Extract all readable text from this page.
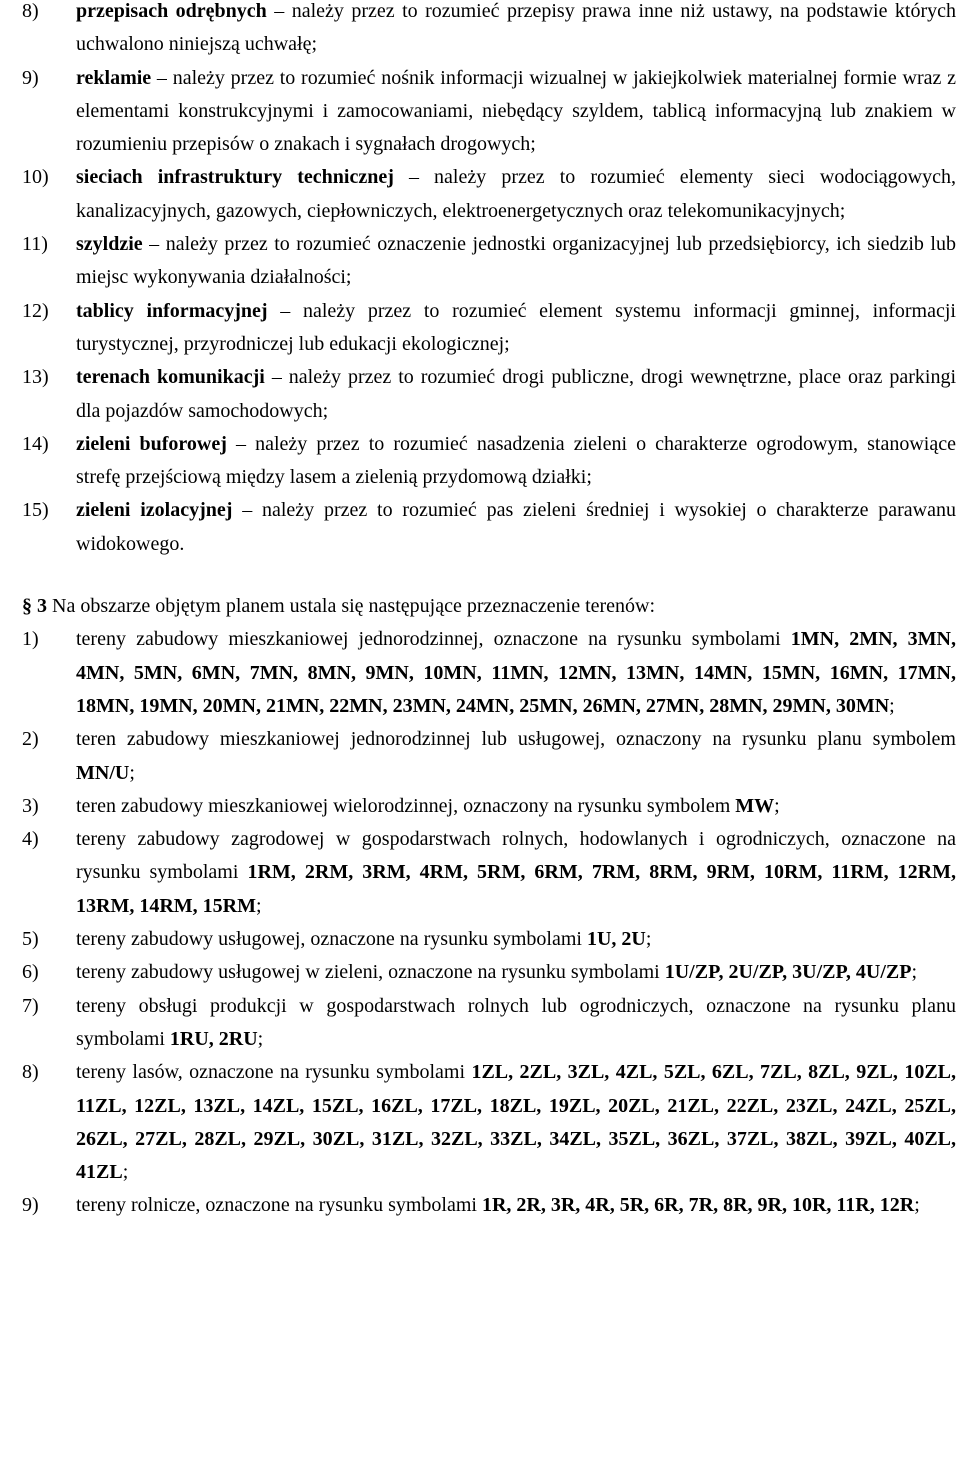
8)	przepisach odrębnych – należy przez to rozumieć przepisy prawa inne niż ustawy, na podstawie których uchwalono niniejszą uchwałę;
9)	reklamie – należy przez to rozumieć nośnik informacji wizualnej w jakiejkolwiek materialnej formie wraz z elementami konstrukcyjnymi i zamocowaniami, niebędący szyldem, tablicą informacyjną lub znakiem w rozumieniu przepisów o znakach i sygnałach drogowych;
10)	sieciach infrastruktury technicznej – należy przez to rozumieć elementy sieci wodociągowych, kanalizacyjnych, gazowych, ciepłowniczych, elektroenergetycznych oraz telekomunikacyjnych;
11)	szyldzie – należy przez to rozumieć oznaczenie jednostki organizacyjnej lub przedsiębiorcy, ich siedzib lub miejsc wykonywania działalności;
12)	tablicy informacyjnej – należy przez to rozumieć element systemu informacji gminnej, informacji turystycznej, przyrodniczej lub edukacji ekologicznej;
13)	terenach komunikacji – należy przez to rozumieć drogi publiczne, drogi wewnętrzne, place oraz parkingi dla pojazdów samochodowych;
14)	zieleni buforowej – należy przez to rozumieć nasadzenia zieleni o charakterze ogrodowym, stanowiące strefę przejściową między lasem a zielenią przydomową działki;
15)	zieleni izolacyjnej – należy przez to rozumieć pas zieleni średniej i wysokiej o charakterze parawanu widokowego.
§ 3 Na obszarze objętym planem ustala się następujące przeznaczenie terenów:
1)	tereny zabudowy mieszkaniowej jednorodzinnej, oznaczone na rysunku symbolami 1MN, 2MN, 3MN, 4MN, 5MN, 6MN, 7MN, 8MN, 9MN, 10MN, 11MN, 12MN, 13MN, 14MN, 15MN, 16MN, 17MN, 18MN, 19MN, 20MN, 21MN, 22MN, 23MN, 24MN, 25MN, 26MN, 27MN, 28MN, 29MN, 30MN;
2)	teren zabudowy mieszkaniowej jednorodzinnej lub usługowej, oznaczony na rysunku planu symbolem MN/U;
3)	teren zabudowy mieszkaniowej wielorodzinnej, oznaczony na rysunku symbolem MW;
4)	tereny zabudowy zagrodowej w gospodarstwach rolnych, hodowlanych i ogrodniczych, oznaczone na rysunku symbolami 1RM, 2RM, 3RM, 4RM, 5RM, 6RM, 7RM, 8RM, 9RM, 10RM, 11RM, 12RM, 13RM, 14RM, 15RM;
5)	tereny zabudowy usługowej, oznaczone na rysunku symbolami 1U, 2U;
6)	tereny zabudowy usługowej w zieleni, oznaczone na rysunku symbolami 1U/ZP, 2U/ZP, 3U/ZP, 4U/ZP;
7)	tereny obsługi produkcji w gospodarstwach rolnych lub ogrodniczych, oznaczone na rysunku planu symbolami 1RU, 2RU;
8)	tereny lasów, oznaczone na rysunku symbolami 1ZL, 2ZL, 3ZL, 4ZL, 5ZL, 6ZL, 7ZL, 8ZL, 9ZL, 10ZL, 11ZL, 12ZL, 13ZL, 14ZL, 15ZL, 16ZL, 17ZL, 18ZL, 19ZL, 20ZL, 21ZL, 22ZL, 23ZL, 24ZL, 25ZL, 26ZL, 27ZL, 28ZL, 29ZL, 30ZL, 31ZL, 32ZL, 33ZL, 34ZL, 35ZL, 36ZL, 37ZL, 38ZL, 39ZL, 40ZL, 41ZL;
9)	tereny rolnicze, oznaczone na rysunku symbolami 1R, 2R, 3R, 4R, 5R, 6R, 7R, 8R, 9R, 10R, 11R, 12R;
